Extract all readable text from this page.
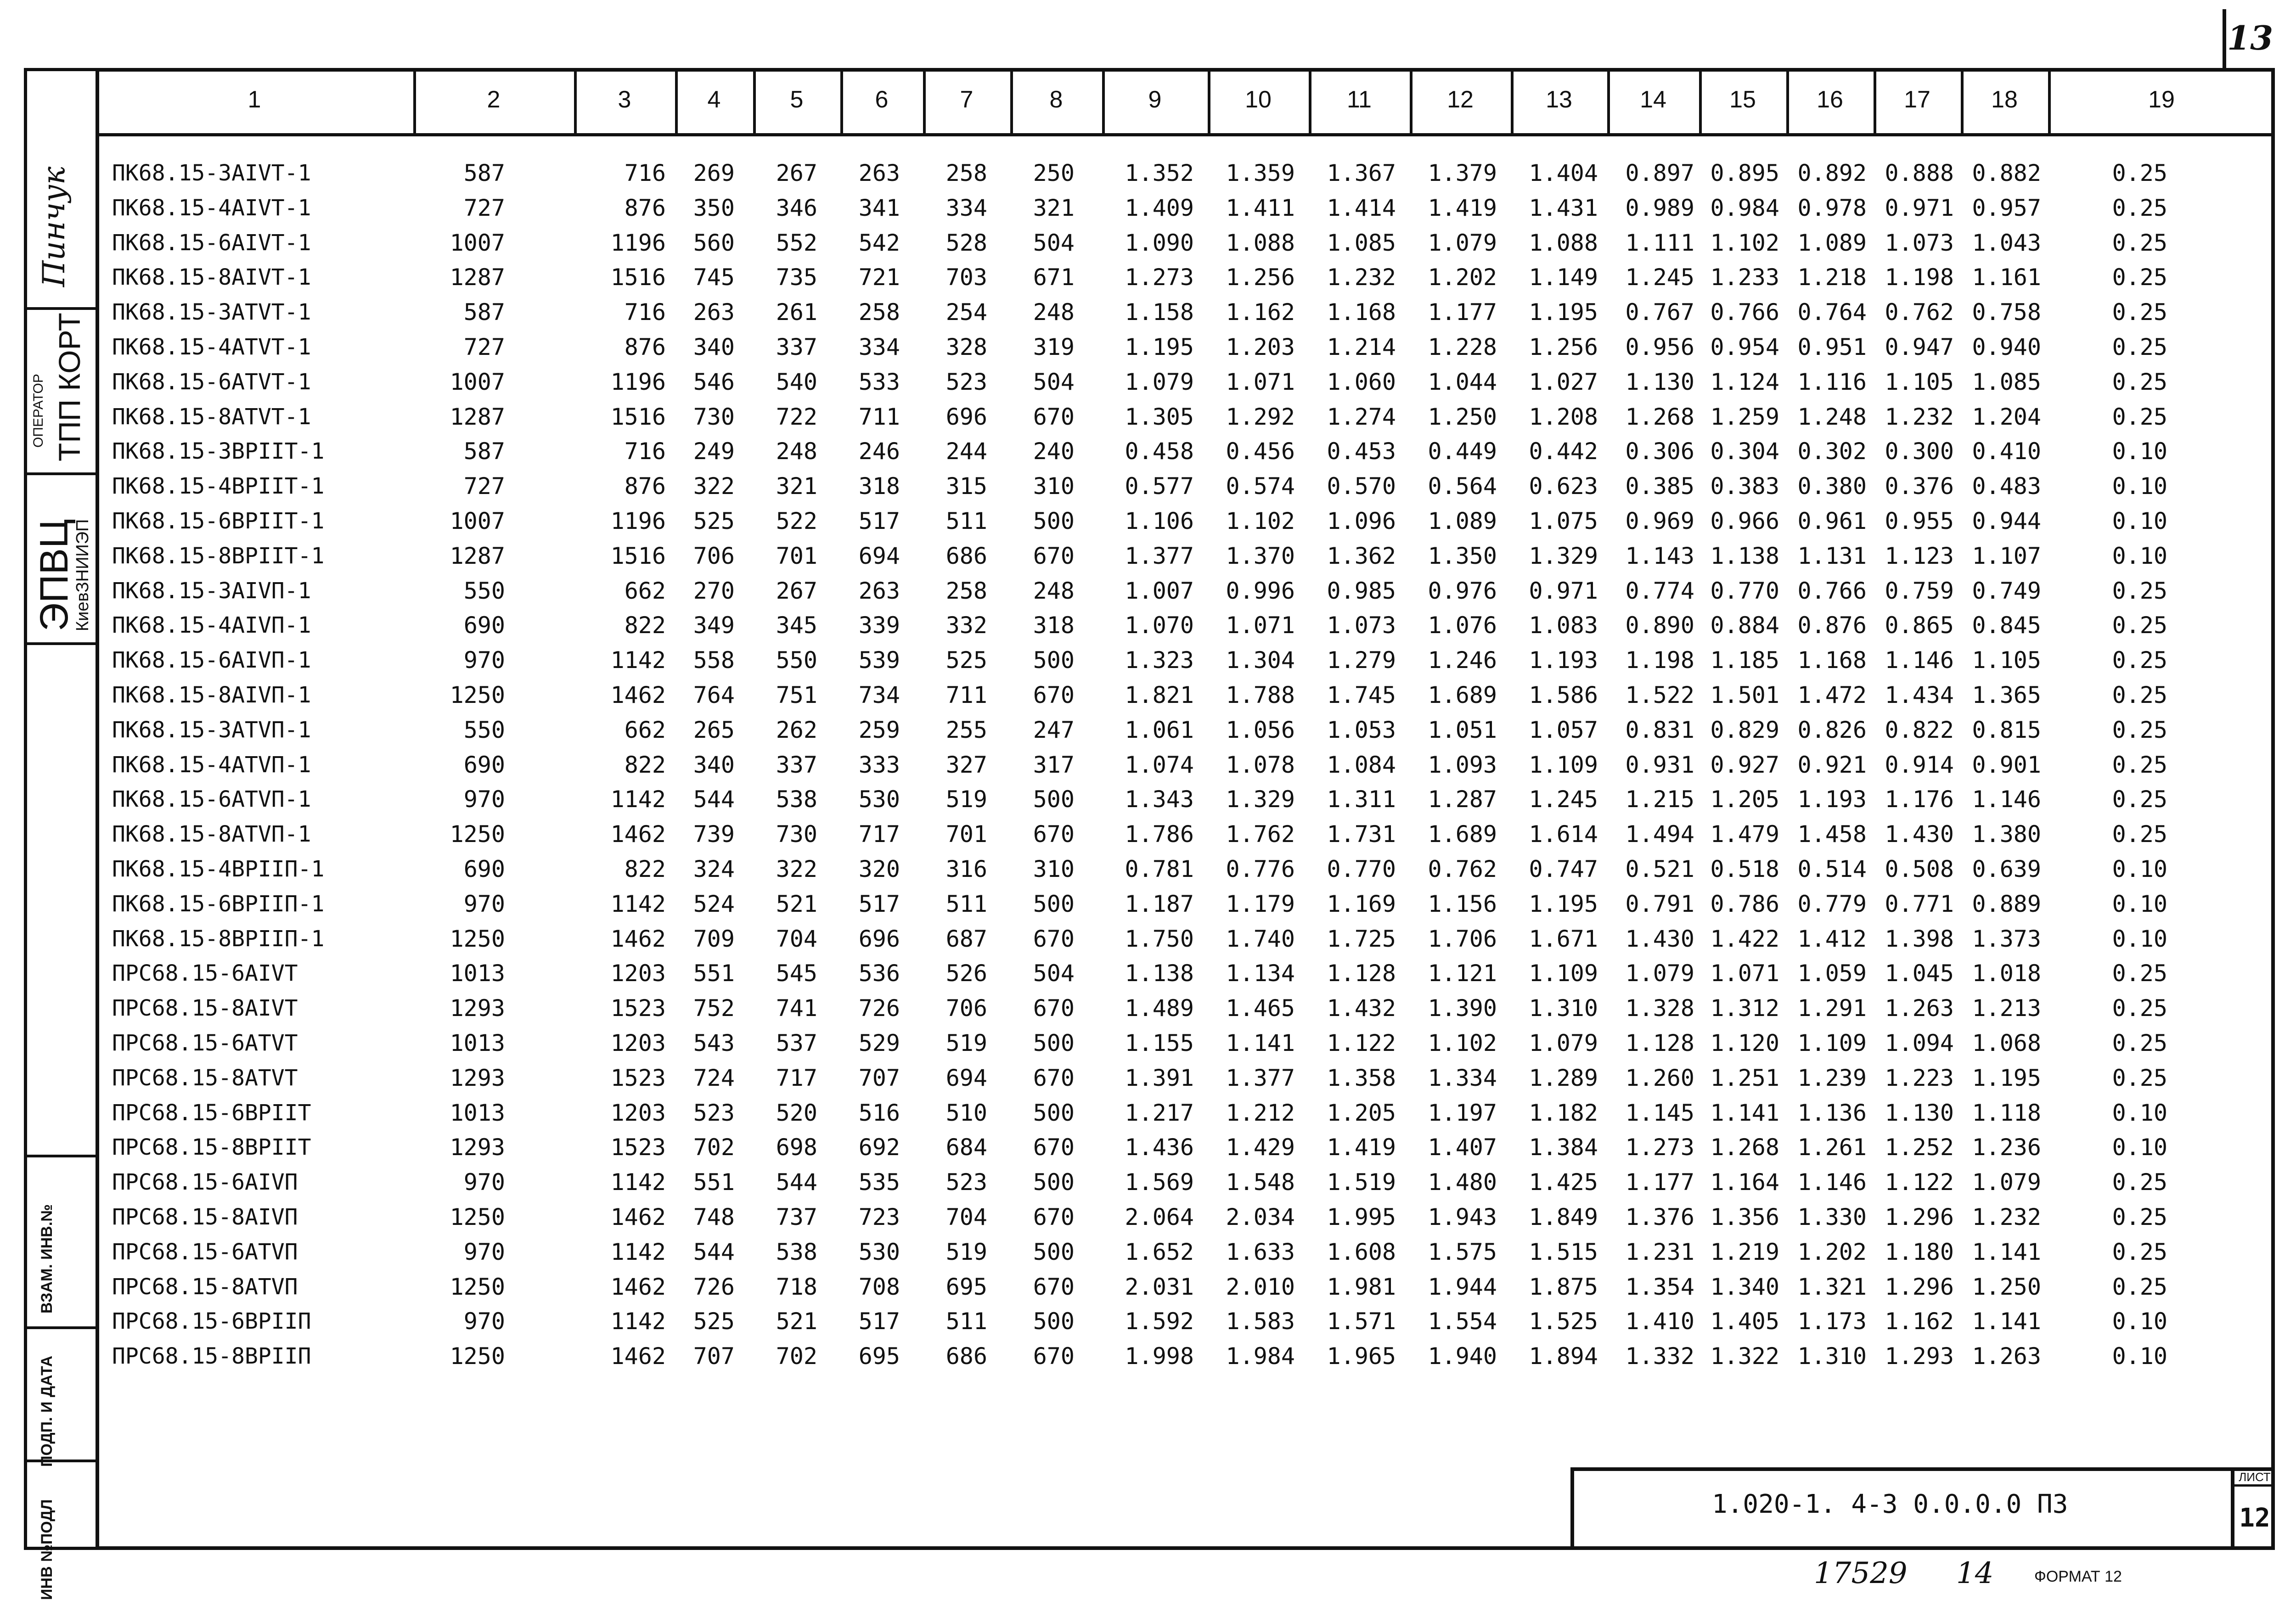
13
Пинчук
ОПЕРАТОР ТПП КОРТ
ЭПВЦ
КиевЗНИИЭП
ВЗАМ. ИНВ.№
ПОДП. И ДАТА
ИНВ №ПОДЛ
1	2	3	4	5	6	7	8	9	10	11	12	13	14	15	16	17	18	19
ПК68.15-3AIVT-1	587	716 269 267 263 258 250 1.352 1.359 1.367 1.379 1.404 0.897 0.895 0.892 0.888 0.882	0.25
ПК68.15-4AIVT-1	727	876 350 346 341 334 321 1.409 1.411 1.414 1.419 1.431 0.989 0.984 0.978 0.971 0.957	0.25
ПК68.15-6AIVT-1	1007	1196 560 552 542 528 504 1.090 1.088 1.085 1.079 1.088 1.111 1.102 1.089 1.073 1.043	0.25
ПК68.15-8AIVT-1	1287	1516 745 735 721 703 671 1.273 1.256 1.232 1.202 1.149 1.245 1.233 1.218 1.198 1.161	0.25
ПК68.15-3ATVT-1	587	716 263 261 258 254 248 1.158 1.162 1.168 1.177 1.195 0.767 0.766 0.764 0.762 0.758	0.25
ПК68.15-4ATVT-1	727	876 340 337 334 328 319 1.195 1.203 1.214 1.228 1.256 0.956 0.954 0.951 0.947 0.940	0.25
ПК68.15-6ATVT-1	1007	1196 546 540 533 523 504 1.079 1.071 1.060 1.044 1.027 1.130 1.124 1.116 1.105 1.085	0.25
ПК68.15-8ATVT-1	1287	1516 730 722 711 696 670 1.305 1.292 1.274 1.250 1.208 1.268 1.259 1.248 1.232 1.204	0.25
ПК68.15-3BPIIT-1	587	716 249 248 246 244 240 0.458 0.456 0.453 0.449 0.442 0.306 0.304 0.302 0.300 0.410	0.10
ПК68.15-4BPIIT-1	727	876 322 321 318 315 310 0.577 0.574 0.570 0.564 0.623 0.385 0.383 0.380 0.376 0.483	0.10
ПК68.15-6BPIIT-1	1007	1196 525 522 517 511 500 1.106 1.102 1.096 1.089 1.075 0.969 0.966 0.961 0.955 0.944	0.10
ПК68.15-8BPIIT-1	1287	1516 706 701 694 686 670 1.377 1.370 1.362 1.350 1.329 1.143 1.138 1.131 1.123 1.107	0.10
ПК68.15-3AIVП-1	550	662 270 267 263 258 248 1.007 0.996 0.985 0.976 0.971 0.774 0.770 0.766 0.759 0.749	0.25
ПК68.15-4AIVП-1	690	822 349 345 339 332 318 1.070 1.071 1.073 1.076 1.083 0.890 0.884 0.876 0.865 0.845	0.25
ПК68.15-6AIVП-1	970	1142 558 550 539 525 500 1.323 1.304 1.279 1.246 1.193 1.198 1.185 1.168 1.146 1.105	0.25
ПК68.15-8AIVП-1	1250	1462 764 751 734 711 670 1.821 1.788 1.745 1.689 1.586 1.522 1.501 1.472 1.434 1.365	0.25
ПК68.15-3ATVП-1	550	662 265 262 259 255 247 1.061 1.056 1.053 1.051 1.057 0.831 0.829 0.826 0.822 0.815	0.25
ПК68.15-4ATVП-1	690	822 340 337 333 327 317 1.074 1.078 1.084 1.093 1.109 0.931 0.927 0.921 0.914 0.901	0.25
ПК68.15-6ATVП-1	970	1142 544 538 530 519 500 1.343 1.329 1.311 1.287 1.245 1.215 1.205 1.193 1.176 1.146	0.25
ПК68.15-8ATVП-1	1250	1462 739 730 717 701 670 1.786 1.762 1.731 1.689 1.614 1.494 1.479 1.458 1.430 1.380	0.25
ПК68.15-4BPIIП-1	690	822 324 322 320 316 310 0.781 0.776 0.770 0.762 0.747 0.521 0.518 0.514 0.508 0.639	0.10
ПК68.15-6BPIIП-1	970	1142 524 521 517 511 500 1.187 1.179 1.169 1.156 1.195 0.791 0.786 0.779 0.771 0.889	0.10
ПК68.15-8BPIIП-1	1250	1462 709 704 696 687 670 1.750 1.740 1.725 1.706 1.671 1.430 1.422 1.412 1.398 1.373	0.10
ПРС68.15-6AIVT	1013	1203 551 545 536 526 504 1.138 1.134 1.128 1.121 1.109 1.079 1.071 1.059 1.045 1.018	0.25
ПРС68.15-8AIVT	1293	1523 752 741 726 706 670 1.489 1.465 1.432 1.390 1.310 1.328 1.312 1.291 1.263 1.213	0.25
ПРС68.15-6ATVT	1013	1203 543 537 529 519 500 1.155 1.141 1.122 1.102 1.079 1.128 1.120 1.109 1.094 1.068	0.25
ПРС68.15-8ATVT	1293	1523 724 717 707 694 670 1.391 1.377 1.358 1.334 1.289 1.260 1.251 1.239 1.223 1.195	0.25
ПРС68.15-6BPIIT	1013	1203 523 520 516 510 500 1.217 1.212 1.205 1.197 1.182 1.145 1.141 1.136 1.130 1.118	0.10
ПРС68.15-8BPIIT	1293	1523 702 698 692 684 670 1.436 1.429 1.419 1.407 1.384 1.273 1.268 1.261 1.252 1.236	0.10
ПРС68.15-6AIVП	970	1142 551 544 535 523 500 1.569 1.548 1.519 1.480 1.425 1.177 1.164 1.146 1.122 1.079	0.25
ПРС68.15-8AIVП	1250	1462 748 737 723 704 670 2.064 2.034 1.995 1.943 1.849 1.376 1.356 1.330 1.296 1.232	0.25
ПРС68.15-6ATVП	970	1142 544 538 530 519 500 1.652 1.633 1.608 1.575 1.515 1.231 1.219 1.202 1.180 1.141	0.25
ПРС68.15-8ATVП	1250	1462 726 718 708 695 670 2.031 2.010 1.981 1.944 1.875 1.354 1.340 1.321 1.296 1.250	0.25
ПРС68.15-6BPIIП	970	1142 525 521 517 511 500 1.592 1.583 1.571 1.554 1.525 1.410 1.405 1.173 1.162 1.141	0.10
ПРС68.15-8BPIIП	1250	1462 707 702 695 686 670 1.998 1.984 1.965 1.940 1.894 1.332 1.322 1.310 1.293 1.263	0.10
1.020-1. 4-3 0.0.0.0 ПЗ
ЛИСТ
12
17529 14	ФОРМАТ 12
